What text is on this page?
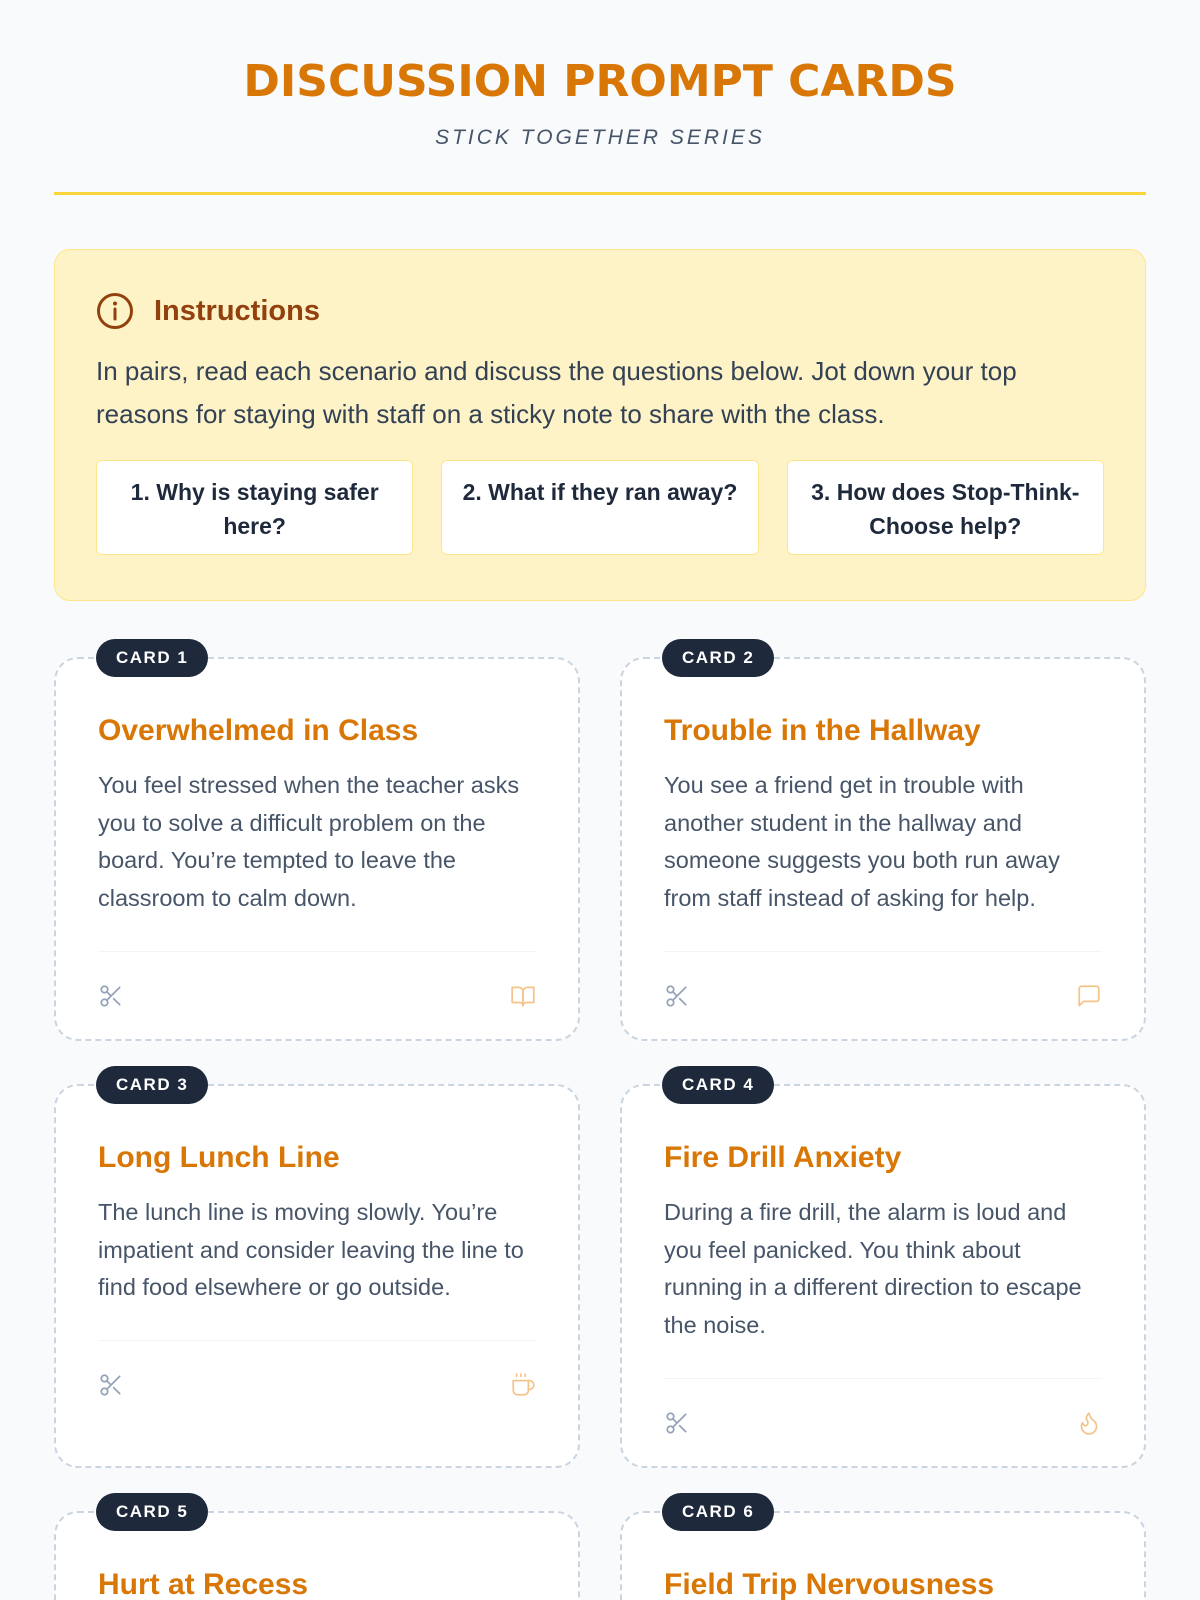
DISCUSSION PROMPT CARDS
STICK TOGETHER SERIES
Instructions
In pairs, read each scenario and discuss the questions below. Jot down your top reasons for staying with staff on a sticky note to share with the class.
1. Why is staying safer here?
2. What if they ran away?	3. How does Stop-Think-Choose help?
CARD 1
Overwhelmed in Class
You feel stressed when the teacher asks you to solve a difficult problem on the board. You’re tempted to leave the classroom to calm down.
CARD 2
Trouble in the Hallway
You see a friend get in trouble with another student in the hallway and someone suggests you both run away from staff instead of asking for help.
CARD 3
Long Lunch Line
The lunch line is moving slowly. You’re impatient and consider leaving the line to find food elsewhere or go outside.
CARD 4
Fire Drill Anxiety
During a fire drill, the alarm is loud and you feel panicked. You think about running in a different direction to escape the noise.
CARD 5
Hurt at Recess
CARD 6
Field Trip Nervousness
